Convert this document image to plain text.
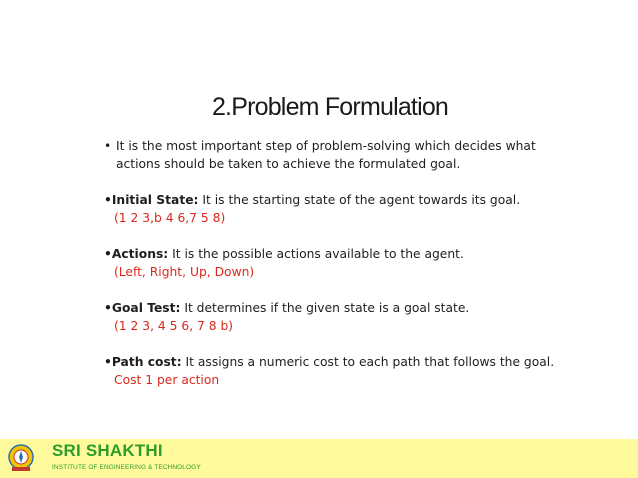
2.Problem Formulation
• It is the most important step of problem-solving which decides what
actions should be taken to achieve the formulated goal.
•Initial State: It is the starting state of the agent towards its goal.
(1 2 3,b 4 6,7 5 8)
•Actions: It is the possible actions available to the agent.
(Left, Right, Up, Down)
•Goal Test: It determines if the given state is a goal state.
(1 2 3, 4 5 6, 7 8 b)
•Path cost: It assigns a numeric cost to each path that follows the goal.
Cost 1 per action
SRI SHAKTHI
INSTITUTE OF ENGINEERING & TECHNOLOGY
